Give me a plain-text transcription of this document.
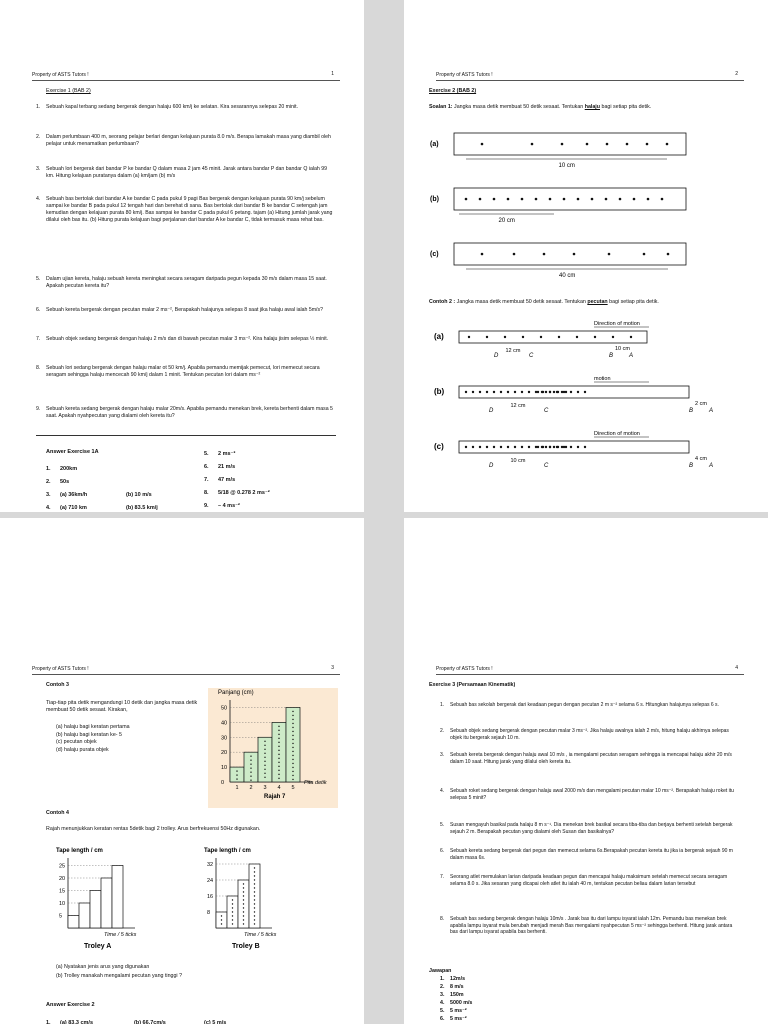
Property of ASTS Tutors !	1
Exercise 1 (BAB 2)
1. Sebuah kapal terbang sedang bergerak dengan halaju 600 km/j ke selatan. Kira sesarannya selepas 20 minit.
2. Dalam perlumbaan 400 m, seorang pelajar berlari dengan kelajuan purata 8.0 m/s. Berapa lamakah masa yang diambil oleh pelajar untuk menamatkan perlumbaan?
3. Sebuah lori bergerak dari bandar P ke bandar Q dalam masa 2 jam 45 minit. Jarak antara bandar P dan bandar Q ialah 99 km. Hitung kelajuan puratanya dalam (a) km/jam (b) m/s
4. Sebuah bas bertolak dari bandar A ke bandar C pada pukul 9 pagi Bas bergerak dengan kelajuan purata 90 km/j sebelum sampai ke bandar B pada pukul 12 tengah hari dan berehat di sana. Bas bertolak dari bandar B ke bandar C setengah jam kemudian dengan kelajuan purata 80 km/j. Bas sampai ke bandar C pada pukul 6 petang. tajam (a) Hitung jumlah jarak yang dilalui oleh bas itu. (b) Hitung purata kelajuan bagi perjalanan dari bandar A ke bandar C, tidak termasuk masa rehat bas.
5. Dalam ujian kereta, halaju sebuah kereta meningkat secara seragam daripada pegun kepada 30 m/s dalam masa 15 saat. Apakah pecutan kereta itu?
6. Sebuah kereta bergerak dengan pecutan malar 2 ms⁻², Berapakah halajunya selepas 8 saat jika halaju awal ialah 5m/s?
7. Sebuah objek sedang bergerak dengan halaju 2 m/s dan di bawah pecutan malar 3 ms⁻². Kira halaju jisim selepas ½ minit.
8. Sebuah lori sedang bergerak dengan halaju malar ot 50 km/j. Apabila pemandu memijak pemecut, lori memecut secara seragam sehingga halaju mencecah 90 km/j dalam 1 minit. Tentukan pecutan lori dalam ms⁻²
9. Sebuah kereta sedang bergerak dengan halaju malar 20m/s. Apabila pemandu menekan brek, kereta berhenti dalam masa 5 saat. Apakah nyahpecutan yang dialami oleh kereta itu?
Answer Exercise 1A
1. 200km
2. 50s
3. (a) 36km/h	(b) 10 m/s
4. (a) 710 km	(b) 83.5 km/j
5. 2 ms⁻²
6. 21 m/s
7. 47 m/s
8. 5/18 @ 0.278 2 ms⁻²
9. – 4 ms⁻²
Property of ASTS Tutors !	2
Exercise 2 (BAB 2)
Soalan 1: Jangka masa detik membuat 50 detik sesaat. Tentukan halaju bagi setiap pita detik.
(a)
10 cm
(b)
20 cm
(c)
40 cm
Contoh 2 : Jangka masa detik membuat 50 detik sesaat. Tentukan pecutan bagi setiap pita detik.
(a)
Direction of motion
D	C	B	A
12 cm	10 cm
(b)
motion
D	C	B	A
12 cm	2 cm
(c)
Direction of motion
D	C	B	A
10 cm	4 cm
Property of ASTS Tutors !	3
Contoh 3
Tiap-tiap pita detik mengandungi 10 detik dan jangka masa detik membuat 50 detik sesaat. Kirakan,
(a) halaju bagi keratan pertama
(b) halaju bagi keratan ke- 5
(c) pecutan objek
(d) halaju purata objek
Panjang (cm)
0
10
20
30
40
50
1 2 3 4 5
Pita detik
Rajah 7
Contoh 4
Rajah menunjukkan keratan rentas 5detik bagi 2 trolley. Arus berfrekuensi 50Hz digunakan.
Tape length / cm
5
10
15
20
25
Time / 5 ticks
Troley A
Tape length / cm
8
16
24
32
Time / 5 ticks
Troley B
(a) Nyatakan jenis arus yang digunakan
(b) Trolley manakah mengalami pecutan yang tinggi ?
Answer Exercise 2
1. (a) 83.3 cm/s	(b) 66.7cm/s	(c) 5 m/s
Property of ASTS Tutors !	4
Exercise 3 (Persamaan Kinematik)
1. Sebuah bas sekolah bergerak dari keadaan pegun dengan pecutan 2 m s⁻² selama 6 s. Hitungkan halajunya selepas 6 s.
2. Sebuah objek sedang bergerak dengan pecutan malar 3 ms⁻². Jika halaju awalnya ialah 2 m/s, hitung halaju akhirnya selepas objek itu bergerak sejauh 10 m.
3. Sebuah kereta bergerak dengan halaju awal 10 m/s , ia mengalami pecutan seragam sehingga ia mencapai halaju akhir 20 m/s dalam 10 saat. Hitung jarak yang dilalui oleh kereta itu.
4. Sebuah roket sedang bergerak dengan halaju awal 2000 m/s dan mengalami pecutan malar 10 ms⁻². Berapakah halaju roket itu selepas 5 minit?
5. Susan mengayuh basikal pada halaju 8 m s⁻¹. Dia menekan brek basikal secara tiba-tiba dan berjaya berhenti setelah bergerak sejauh 2 m. Berapakah pecutan yang dialami oleh Susan dan basikalnya?
6. Sebuah kereta sedang bergerak dari pegun dan memecut selama 6s.Berapakah pecutan kereta itu jika ia bergerak sejauh 90 m dalam masa 6s.
7. Seorang atlet memulakan larian daripada keadaan pegun dan mencapai halaju maksimum setelah memecut secara seragam selama 8.0 s. Jika sesaran yang dicapai oleh atlet itu ialah 40 m, tentukan pecutan beliau dalam larian tersebut
8. Sebuah bas sedang bergerak dengan halaju 10m/s . Jarak bas itu dari lampu isyarat ialah 12m. Pemandu bas menekan brek apabila lampu isyarat mula berubah menjadi merah Bas mengalami nyahpecutan 5 ms⁻² sehingga berhenti. Hitung jarak antara bas dari lampu isyarat apabila bas berhenti.
Jawapan
1. 12m/s
2. 8 m/s
3. 150m
4. 5000 m/s
5. 5 ms⁻²
6. 5 ms⁻²
